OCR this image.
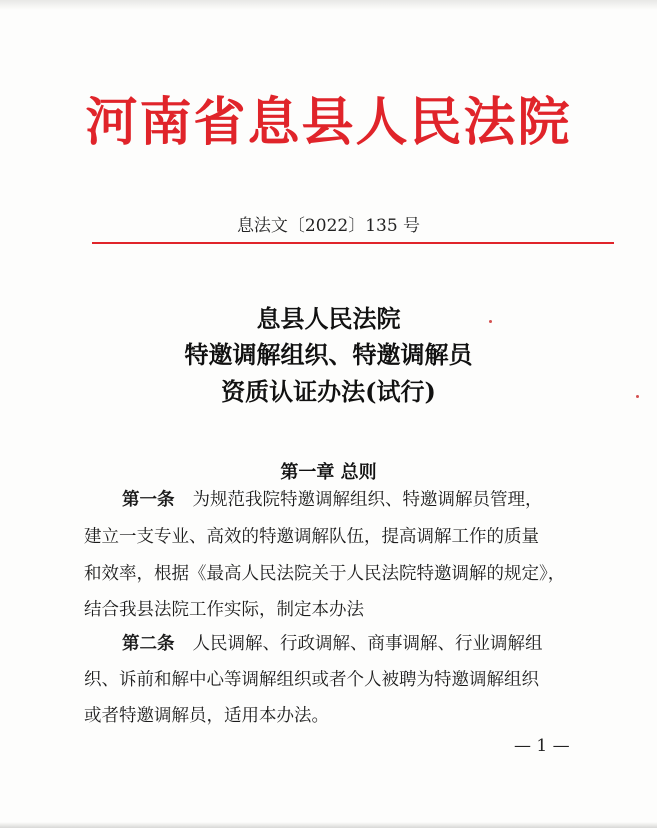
河南省息县人民法院
息法文〔2022〕135 号
息县人民法院
特邀调解组织、特邀调解员
资质认证办法(试行)
第一章 总则
第一条 为规范我院特邀调解组织、特邀调解员管理，
建立一支专业、高效的特邀调解队伍，提高调解工作的质量
和效率，根据《最高人民法院关于人民法院特邀调解的规定》，
结合我县法院工作实际，制定本办法
第二条 人民调解、行政调解、商事调解、行业调解组
织、诉前和解中心等调解组织或者个人被聘为特邀调解组织
或者特邀调解员，适用本办法。
— 1 —
